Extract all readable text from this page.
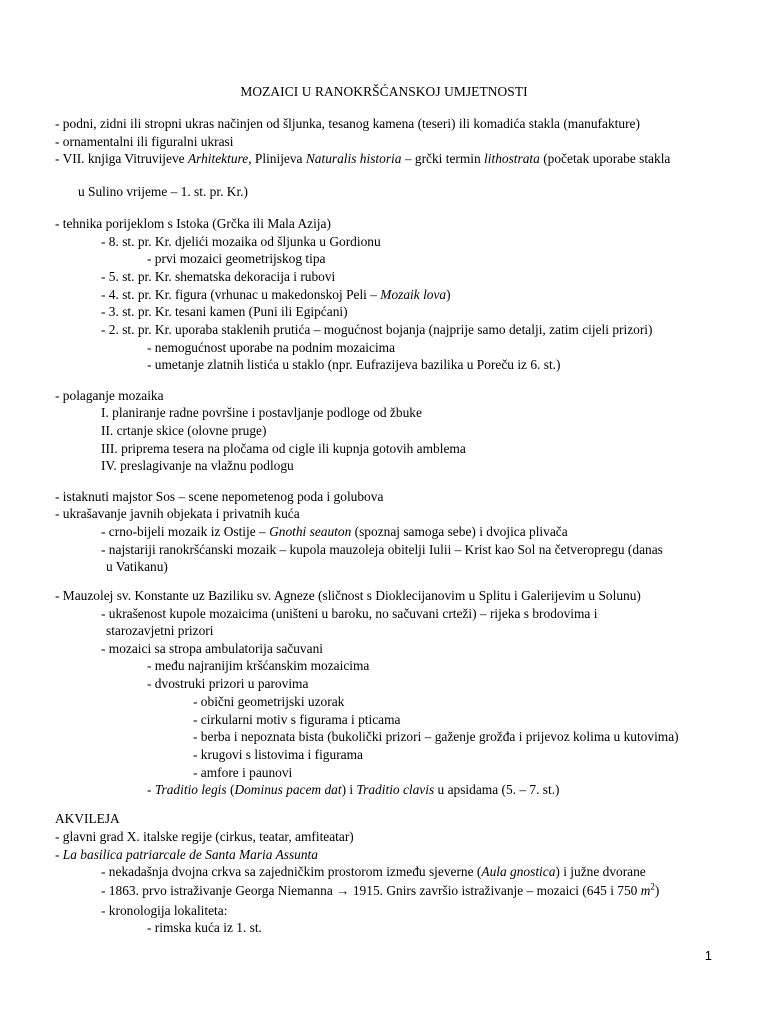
MOZAICI U RANOKRŠĆANSKOJ UMJETNOSTI
- podni, zidni ili stropni ukras načinjen od šljunka, tesanog kamena (teseri) ili komadića stakla (manufakture)
- ornamentalni ili figuralni ukrasi
- VII. knjiga Vitruvijeve Arhitekture, Plinijeva Naturalis historia – grčki termin lithostrata (početak uporabe stakla
u Sulino vrijeme – 1. st. pr. Kr.)
- tehnika porijeklom s Istoka (Grčka ili Mala Azija)
- 8. st. pr. Kr. djelići mozaika od šljunka u Gordionu
- prvi mozaici geometrijskog tipa
- 5. st. pr. Kr. shematska dekoracija i rubovi
- 4. st. pr. Kr. figura (vrhunac u makedonskoj Peli – Mozaik lova)
- 3. st. pr. Kr. tesani kamen (Puni ili Egipćani)
- 2. st. pr. Kr. uporaba staklenih prutića – mogućnost bojanja (najprije samo detalji, zatim cijeli prizori)
- nemogućnost uporabe na podnim mozaicima
- umetanje zlatnih listića u staklo (npr. Eufrazijeva bazilika u Poreču iz 6. st.)
- polaganje mozaika
I. planiranje radne površine i postavljanje podloge od žbuke
II. crtanje skice (olovne pruge)
III. priprema tesera na pločama od cigle ili kupnja gotovih amblema
IV. preslagivanje na vlažnu podlogu
- istaknuti majstor Sos – scene nepometenog poda i golubova
- ukrašavanje javnih objekata i privatnih kuća
- crno-bijeli mozaik iz Ostije – Gnothi seauton (spoznaj samoga sebe) i dvojica plivača
- najstariji ranokršćanski mozaik – kupola mauzoleja obitelji Iulii – Krist kao Sol na četveropregu (danas
u Vatikanu)
- Mauzolej sv. Konstante uz Baziliku sv. Agneze (sličnost s Dioklecijanovim u Splitu i Galerijevim u Solunu)
- ukrašenost kupole mozaicima (uništeni u baroku, no sačuvani crteži) – rijeka s brodovima i
starozavjetni prizori
- mozaici sa stropa ambulatorija sačuvani
- među najranijim kršćanskim mozaicima
- dvostruki prizori u parovima
- obični geometrijski uzorak
- cirkularni motiv s figurama i pticama
- berba i nepoznata bista (bukolički prizori – gaženje grožđa i prijevoz kolima u kutovima)
- krugovi s listovima i figurama
- amfore i paunovi
- Traditio legis (Dominus pacem dat) i Traditio clavis u apsidama (5. – 7. st.)
AKVILEJA
- glavni grad X. italske regije (cirkus, teatar, amfiteatar)
- La basilica patriarcale de Santa Maria Assunta
- nekadašnja dvojna crkva sa zajedničkim prostorom između sjeverne (Aula gnostica) i južne dvorane
- 1863. prvo istraživanje Georga Niemanna → 1915. Gnirs završio istraživanje – mozaici (645 i 750 $m^2$)
- kronologija lokaliteta:
- rimska kuća iz 1. st.
1
